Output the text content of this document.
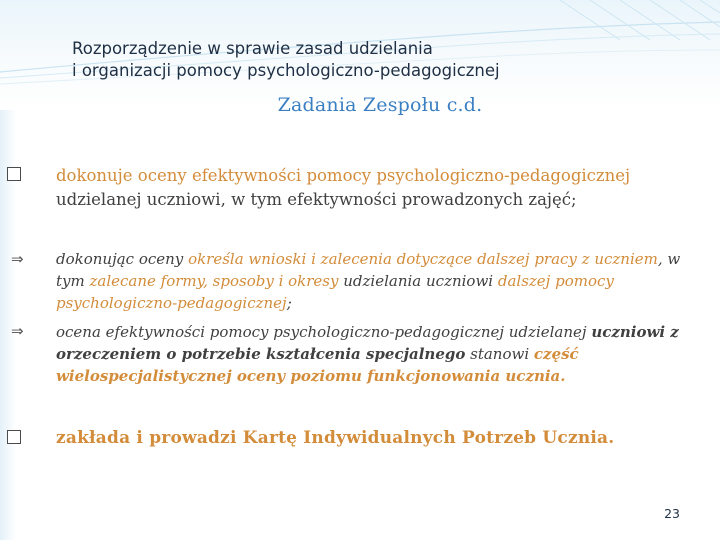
Rozporządzenie w sprawie zasad udzielania
i organizacji pomocy psychologiczno-pedagogicznej
Zadania Zespołu c.d.

dokonuje oceny efektywności pomocy psychologiczno-pedagogicznej udzielanej uczniowi, w tym efektywności prowadzonych zajęć;

⇒ dokonując oceny określa wnioski i zalecenia dotyczące dalszej pracy z uczniem, w tym zalecane formy, sposoby i okresy udzielania uczniowi dalszej pomocy psychologiczno-pedagogicznej;

⇒ ocena efektywności pomocy psychologiczno-pedagogicznej udzielanej uczniowi z orzeczeniem o potrzebie kształcenia specjalnego stanowi część wielospecjalistycznej oceny poziomu funkcjonowania ucznia.

zakłada i prowadzi Kartę Indywidualnych Potrzeb Ucznia.

23
